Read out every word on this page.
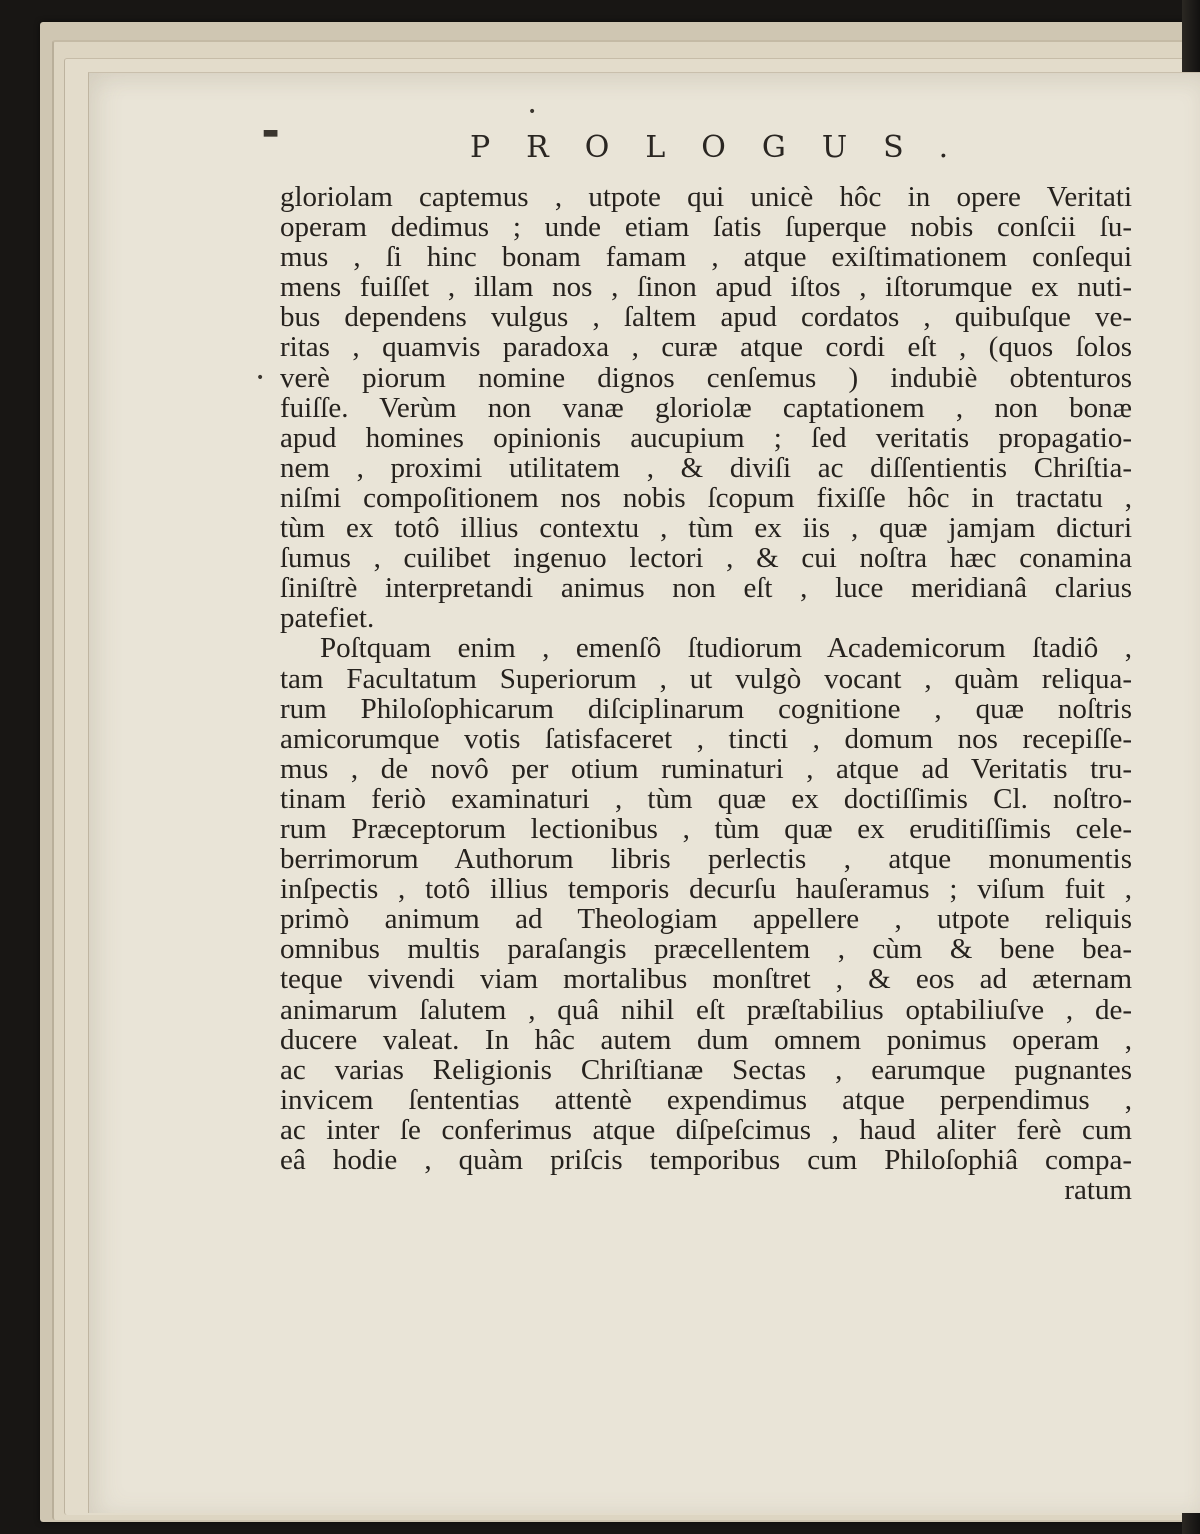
▬
•
•
PROLOGUS.
gloriolam captemus , utpote qui unicè hôc in opere Veritati
operam dedimus ; unde etiam ſatis ſuperque nobis conſcii ſu-
mus , ſi hinc bonam famam , atque exiſtimationem conſequi
mens fuiſſet , illam nos , ſinon apud iſtos , iſtorumque ex nuti-
bus dependens vulgus , ſaltem apud cordatos , quibuſque ve-
ritas , quamvis paradoxa , curæ atque cordi eſt , (quos ſolos
verè piorum nomine dignos cenſemus ) indubiè obtenturos
fuiſſe. Verùm non vanæ gloriolæ captationem , non bonæ
apud homines opinionis aucupium ; ſed veritatis propagatio-
nem , proximi utilitatem , & diviſi ac diſſentientis Chriſtia-
niſmi compoſitionem nos nobis ſcopum fixiſſe hôc in tractatu ,
tùm ex totô illius contextu , tùm ex iis , quæ jamjam dicturi
ſumus , cuilibet ingenuo lectori , & cui noſtra hæc conamina
ſiniſtrè interpretandi animus non eſt , luce meridianâ clarius
patefiet.
Poſtquam enim , emenſô ſtudiorum Academicorum ſtadiô ,
tam Facultatum Superiorum , ut vulgò vocant , quàm reliqua-
rum Philoſophicarum diſciplinarum cognitione , quæ noſtris
amicorumque votis ſatisfaceret , tincti , domum nos recepiſſe-
mus , de novô per otium ruminaturi , atque ad Veritatis tru-
tinam feriò examinaturi , tùm quæ ex doctiſſimis Cl. noſtro-
rum Præceptorum lectionibus , tùm quæ ex eruditiſſimis cele-
berrimorum Authorum libris perlectis , atque monumentis
inſpectis , totô illius temporis decurſu hauſeramus ; viſum fuit ,
primò animum ad Theologiam appellere , utpote reliquis
omnibus multis paraſangis præcellentem , cùm & bene bea-
teque vivendi viam mortalibus monſtret , & eos ad æternam
animarum ſalutem , quâ nihil eſt præſtabilius optabiliuſve , de-
ducere valeat. In hâc autem dum omnem ponimus operam ,
ac varias Religionis Chriſtianæ Sectas , earumque pugnantes
invicem ſententias attentè expendimus atque perpendimus ,
ac inter ſe conferimus atque diſpeſcimus , haud aliter ferè cum
eâ hodie , quàm priſcis temporibus cum Philoſophiâ compa-
ratum
